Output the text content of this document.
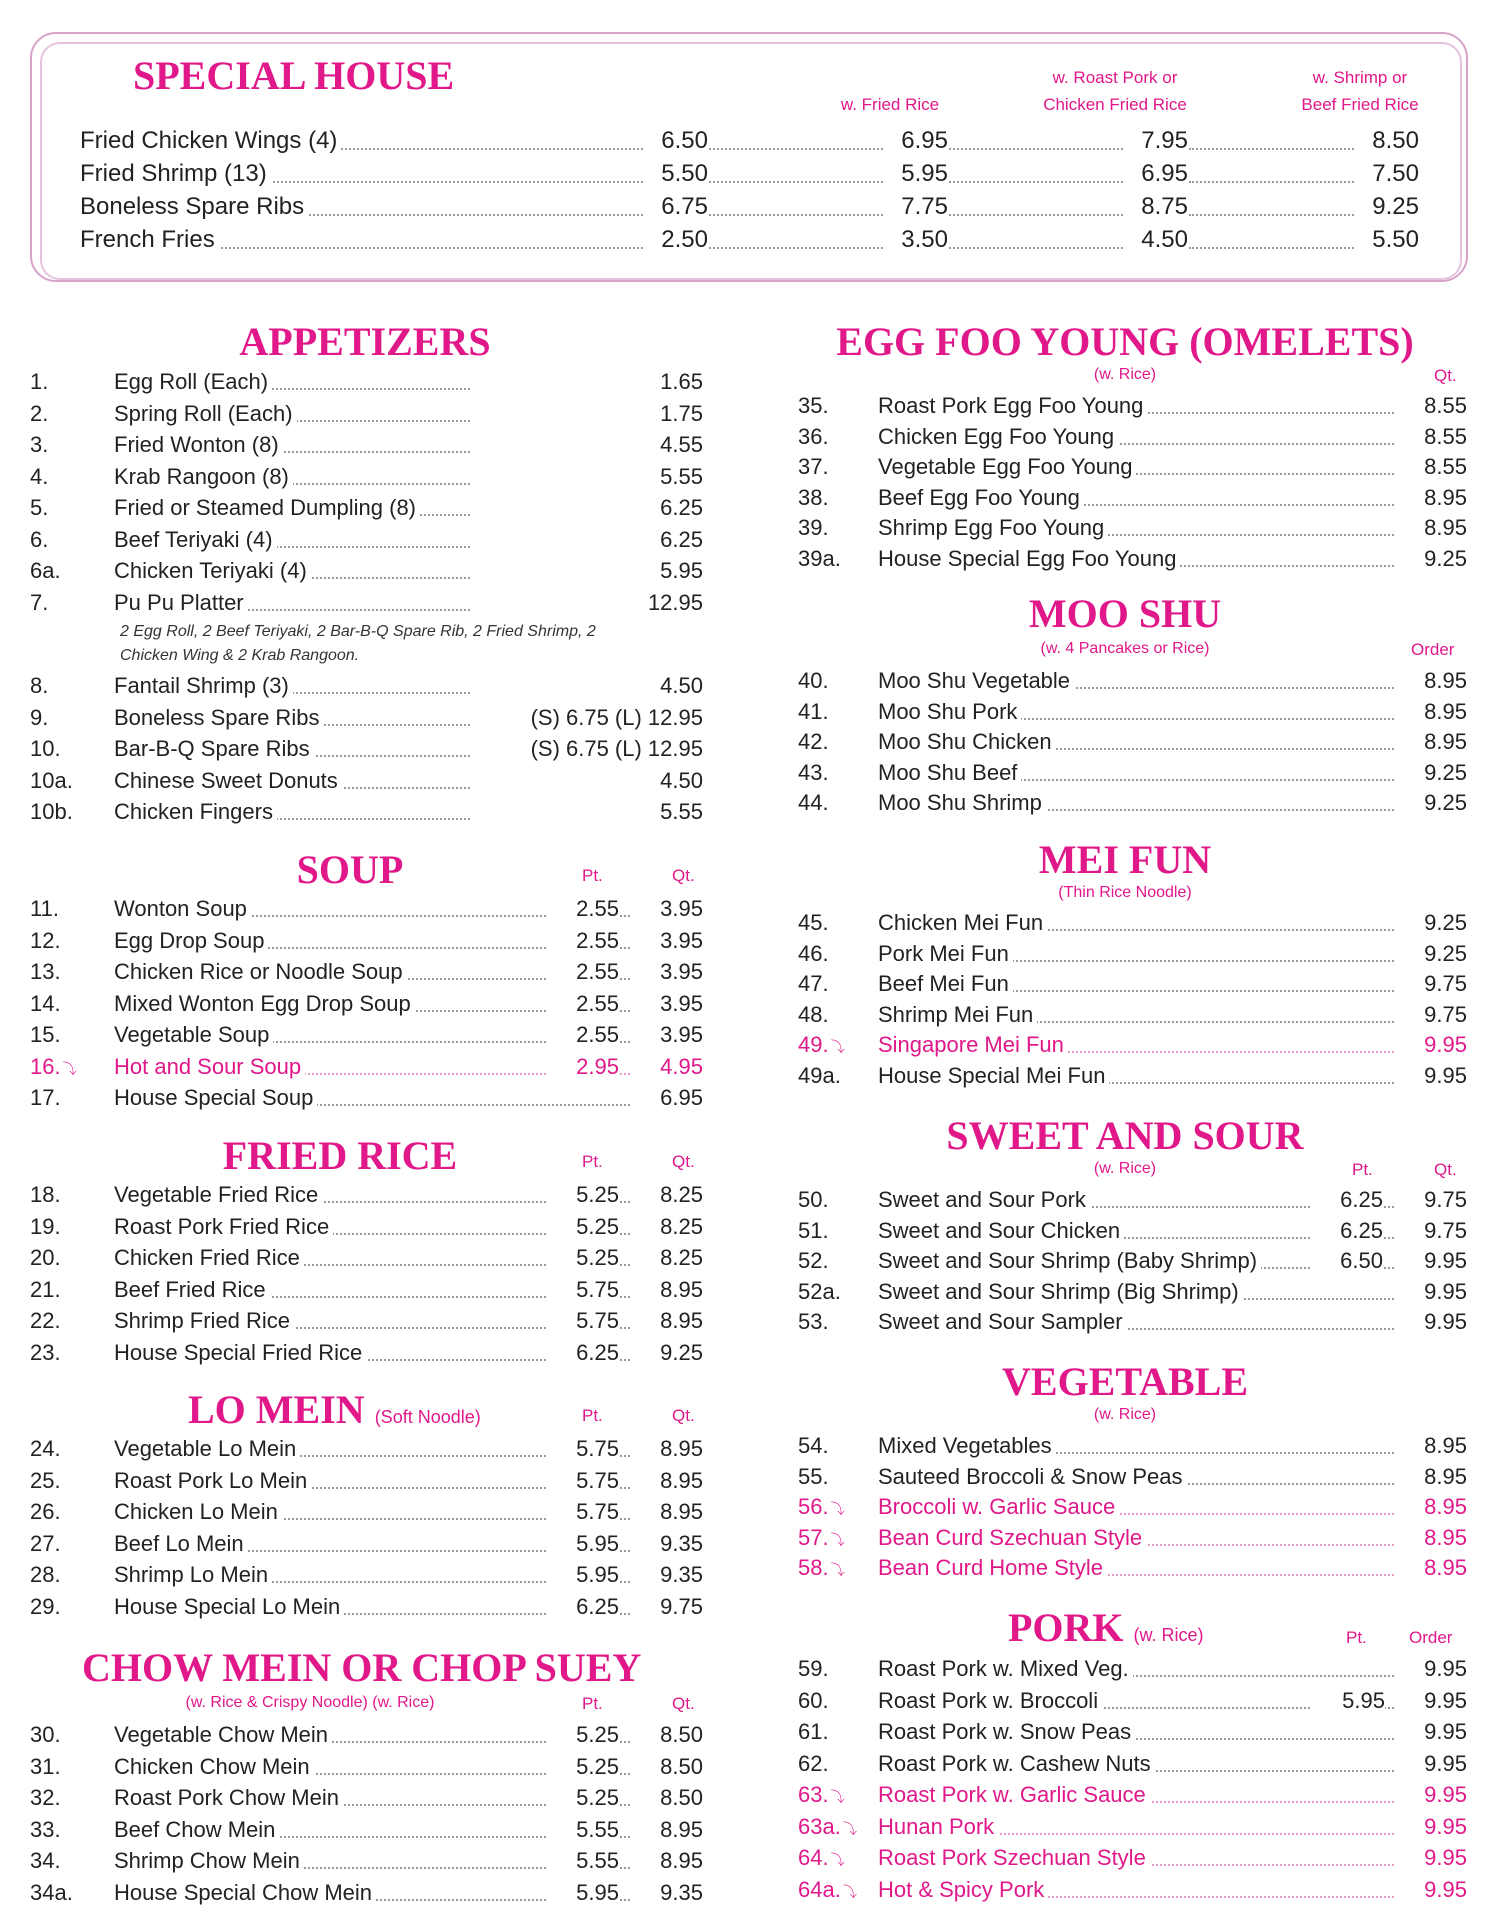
SPECIAL HOUSE
w. Fried Rice
w. Roast Pork or
Chicken Fried Rice
w. Shrimp or
Beef Fried Rice
Fried Chicken Wings (4)	6.50	6.95	7.95	8.50
Fried Shrimp (13)	5.50	5.95	6.95	7.50
Boneless Spare Ribs	6.75	7.75	8.75	9.25
French Fries	2.50	3.50	4.50	5.50
APPETIZERS
1.	Egg Roll (Each)	1.65
2.	Spring Roll (Each)	1.75
3.	Fried Wonton (8)	4.55
4.	Krab Rangoon (8)	5.55
5.	Fried or Steamed Dumpling (8)	6.25
6.	Beef Teriyaki (4)	6.25
6a. Chicken Teriyaki (4)	5.95
7.	Pu Pu Platter	12.95
8.	Fantail Shrimp (3)	4.50
9.	Boneless Spare Ribs	(S) 6.75 (L) 12.95
10. Bar-B-Q Spare Ribs	(S) 6.75 (L) 12.95
10a. Chinese Sweet Donuts	4.50
10b. Chicken Fingers	5.55
2 Egg Roll, 2 Beef Teriyaki, 2 Bar-B-Q Spare Rib, 2 Fried Shrimp, 2
Chicken Wing & 2 Krab Rangoon.
SOUP	Pt.	Qt.
11.	Wonton Soup	2.55	3.95
12. Egg Drop Soup	2.55	3.95
13. Chicken Rice or Noodle Soup	2.55	3.95
14. Mixed Wonton Egg Drop Soup	2.55	3.95
15. Vegetable Soup	2.55	3.95
16. ⤵ Hot and Sour Soup	2.95	4.95
17. House Special Soup	6.95
FRIED RICE	Pt.	Qt.
18. Vegetable Fried Rice	5.25	8.25
19. Roast Pork Fried Rice	5.25	8.25
20. Chicken Fried Rice	5.25	8.25
21. Beef Fried Rice	5.75	8.95
22. Shrimp Fried Rice	5.75	8.95
23. House Special Fried Rice	6.25	9.25
LO MEIN (Soft Noodle)	Pt.	Qt.
24. Vegetable Lo Mein	5.75	8.95
25. Roast Pork Lo Mein	5.75	8.95
26. Chicken Lo Mein	5.75	8.95
27. Beef Lo Mein	5.95	9.35
28. Shrimp Lo Mein	5.95	9.35
29. House Special Lo Mein	6.25	9.75
CHOW MEIN OR CHOP SUEY
(w. Rice & Crispy Noodle) (w. Rice)	Pt.	Qt.
30. Vegetable Chow Mein	5.25	8.50
31. Chicken Chow Mein	5.25	8.50
32. Roast Pork Chow Mein	5.25	8.50
33. Beef Chow Mein	5.55	8.95
34. Shrimp Chow Mein	5.55	8.95
34a. House Special Chow Mein	5.95	9.35
EGG FOO YOUNG (OMELETS)
(w. Rice)	Qt.
35. Roast Pork Egg Foo Young	8.55
36. Chicken Egg Foo Young	8.55
37. Vegetable Egg Foo Young	8.55
38. Beef Egg Foo Young	8.95
39. Shrimp Egg Foo Young	8.95
39a. House Special Egg Foo Young	9.25
MOO SHU
(w. 4 Pancakes or Rice)	Order
40. Moo Shu Vegetable	8.95
41. Moo Shu Pork	8.95
42. Moo Shu Chicken	8.95
43. Moo Shu Beef	9.25
44. Moo Shu Shrimp	9.25
MEI FUN
(Thin Rice Noodle)
45. Chicken Mei Fun	9.25
46. Pork Mei Fun	9.25
47. Beef Mei Fun	9.75
48. Shrimp Mei Fun	9.75
49. ⤵ Singapore Mei Fun	9.95
49a. House Special Mei Fun	9.95
SWEET AND SOUR
(w. Rice)	Pt.	Qt.
50. Sweet and Sour Pork	6.25	9.75
51. Sweet and Sour Chicken	6.25	9.75
52. Sweet and Sour Shrimp (Baby Shrimp)	6.50	9.95
52a. Sweet and Sour Shrimp (Big Shrimp)	9.95
53. Sweet and Sour Sampler	9.95
VEGETABLE
(w. Rice)
54. Mixed Vegetables	8.95
55. Sauteed Broccoli & Snow Peas	8.95
56. ⤵ Broccoli w. Garlic Sauce	8.95
57. ⤵ Bean Curd Szechuan Style	8.95
58. ⤵ Bean Curd Home Style	8.95
PORK (w. Rice)	Pt. Order
59. Roast Pork w. Mixed Veg.	9.95
60. Roast Pork w. Broccoli	5.95	9.95
61. Roast Pork w. Snow Peas	9.95
62. Roast Pork w. Cashew Nuts	9.95
63. ⤵ Roast Pork w. Garlic Sauce	9.95
63a. ⤵ Hunan Pork	9.95
64. ⤵ Roast Pork Szechuan Style	9.95
64a. ⤵ Hot & Spicy Pork	9.95
